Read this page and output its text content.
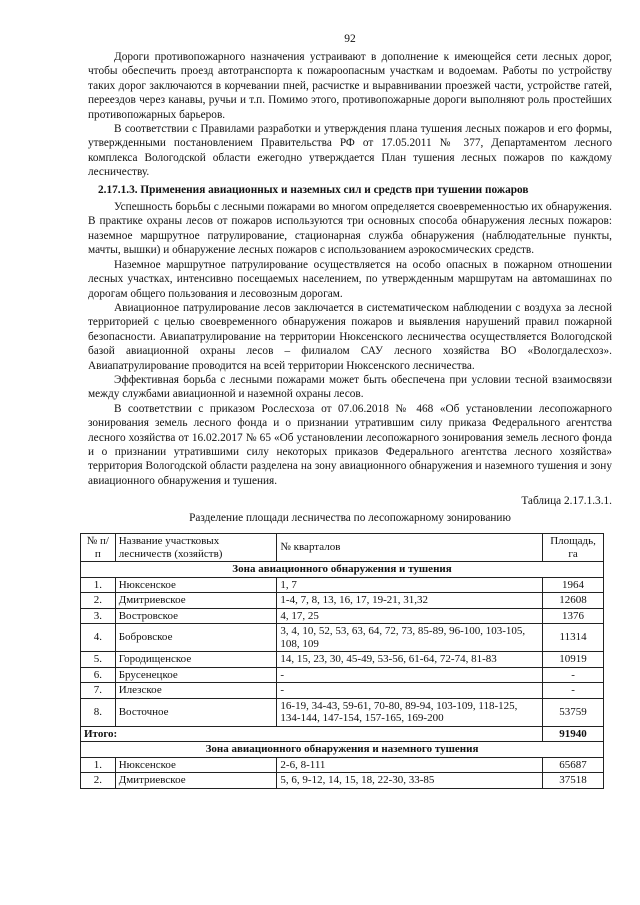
92

Дороги противопожарного назначения устраивают в дополнение к имеющейся сети лесных дорог, чтобы обеспечить проезд автотранспорта к пожароопасным участкам и водоемам. Работы по устройству таких дорог заключаются в корчевании пней, расчистке и выравнивании проезжей части, устройстве гатей, переездов через канавы, ручьи и т.п. Помимо этого, противопожарные дороги выполняют роль простейших противопожарных барьеров.

В соответствии с Правилами разработки и утверждения плана тушения лесных пожаров и его формы, утвержденными постановлением Правительства РФ от 17.05.2011 № 377, Департаментом лесного комплекса Вологодской области ежегодно утверждается План тушения лесных пожаров по каждому лесничеству.

2.17.1.3. Применения авиационных и наземных сил и средств при тушении пожаров

Успешность борьбы с лесными пожарами во многом определяется своевременностью их обнаружения. В практике охраны лесов от пожаров используются три основных способа обнаружения лесных пожаров: наземное маршрутное патрулирование, стационарная служба обнаружения (наблюдательные пункты, мачты, вышки) и обнаружение лесных пожаров с использованием аэрокосмических средств.

Наземное маршрутное патрулирование осуществляется на особо опасных в пожарном отношении лесных участках, интенсивно посещаемых населением, по утвержденным маршрутам на автомашинах по дорогам общего пользования и лесовозным дорогам.

Авиационное патрулирование лесов заключается в систематическом наблюдении с воздуха за лесной территорией с целью своевременного обнаружения пожаров и выявления нарушений правил пожарной безопасности. Авиапатрулирование на территории Нюксенского лесничества осуществляется Вологодской базой авиационной охраны лесов – филиалом САУ лесного хозяйства ВО «Вологдалесхоз». Авиапатрулирование проводится на всей территории Нюксенского лесничества.

Эффективная борьба с лесными пожарами может быть обеспечена при условии тесной взаимосвязи между службами авиационной и наземной охраны лесов.

В соответствии с приказом Рослесхоза от 07.06.2018 № 468 «Об установлении лесопожарного зонирования земель лесного фонда и о признании утратившим силу приказа Федерального агентства лесного хозяйства от 16.02.2017 № 65 «Об установлении лесопожарного зонирования земель лесного фонда и о признании утратившими силу некоторых приказов Федерального агентства лесного хозяйства» территория Вологодской области разделена на зону авиационного обнаружения и наземного тушения и зону авиационного обнаружения и тушения.

Таблица 2.17.1.3.1.
Разделение площади лесничества по лесопожарному зонированию
№ п/п	Название участковых лесничеств (хозяйств)	№ кварталов	Площадь, га
Зона авиационного обнаружения и тушения			
1.	Нюксенское	1, 7	1964
2.	Дмитриевское	1-4, 7, 8, 13, 16, 17, 19-21, 31,32	12608
3.	Востровское	4, 17, 25	1376
4.	Бобровское	3, 4, 10, 52, 53, 63, 64, 72, 73, 85-89, 96-100, 103-105, 108, 109	11314
5.	Городищенское	14, 15, 23, 30, 45-49, 53-56, 61-64, 72-74, 81-83	10919
6.	Брусенецкое	-	-
7.	Илезское	-	-
8.	Восточное	16-19, 34-43, 59-61, 70-80, 89-94, 103-109, 118-125, 134-144, 147-154, 157-165, 169-200	53759
Итого:			91940
Зона авиационного обнаружения и наземного тушения			
1.	Нюксенское	2-6, 8-111	65687
2.	Дмитриевское	5, 6, 9-12, 14, 15, 18, 22-30, 33-85	37518
